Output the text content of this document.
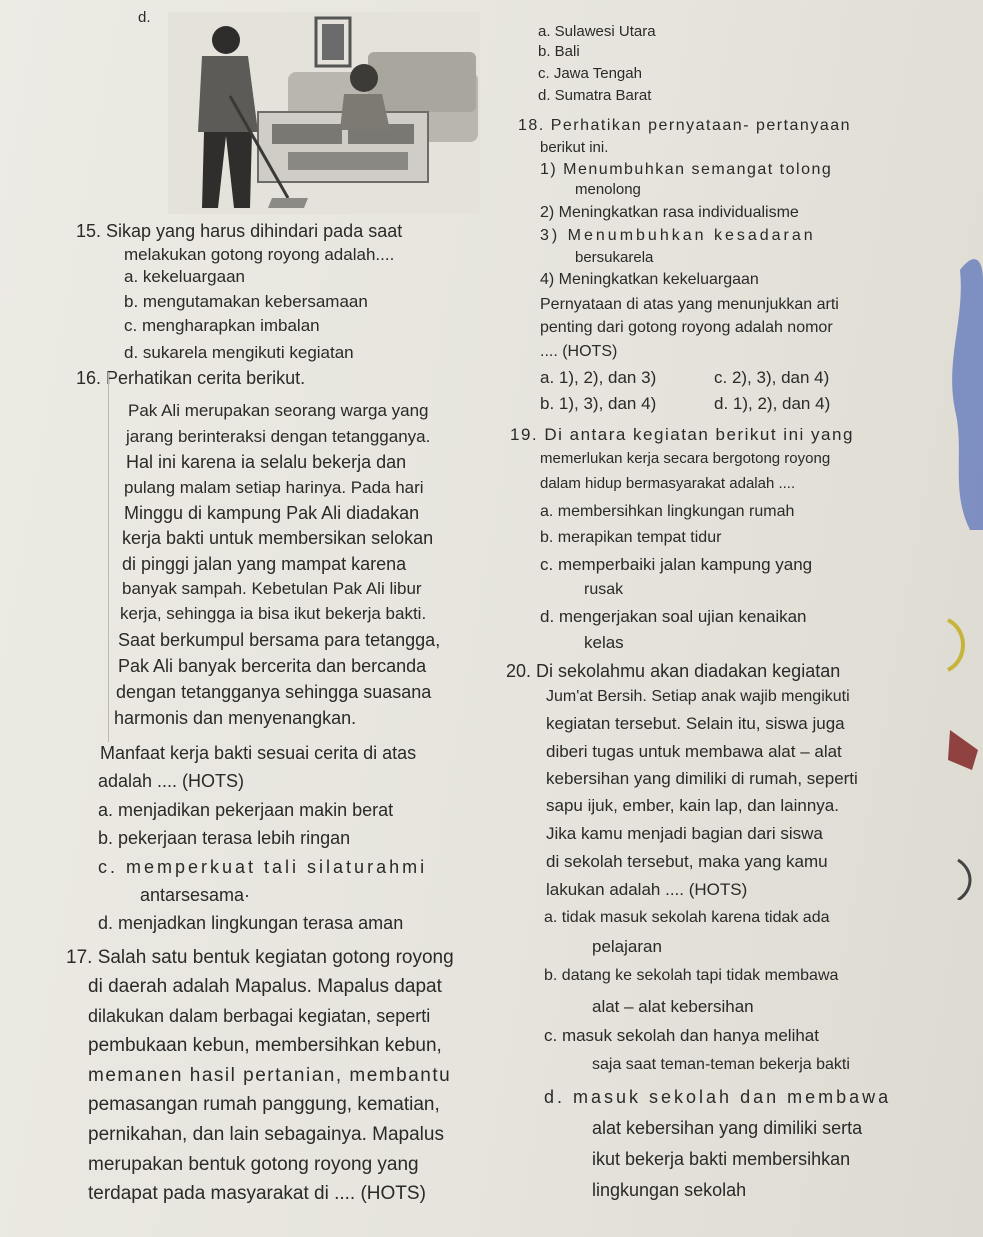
d.
a. Sulawesi Utara
b. Bali
c. Jawa Tengah
d. Sumatra Barat
18. Perhatikan pernyataan- pertanyaan
berikut ini.
1) Menumbuhkan semangat tolong
menolong
2) Meningkatkan rasa individualisme
3) Menumbuhkan kesadaran
bersukarela
4) Meningkatkan kekeluargaan
Pernyataan di atas yang menunjukkan arti
penting dari gotong royong adalah nomor
.... (HOTS)
a. 1), 2), dan 3)	c. 2), 3), dan 4)
b. 1), 3), dan 4)	d. 1), 2), dan 4)
15. Sikap yang harus dihindari pada saat
melakukan gotong royong adalah....
a. kekeluargaan
b. mengutamakan kebersamaan
c. mengharapkan imbalan
d. sukarela mengikuti kegiatan
16. Perhatikan cerita berikut.
Pak Ali merupakan seorang warga yang
jarang berinteraksi dengan tetangganya.
Hal ini karena ia selalu bekerja dan
pulang malam setiap harinya. Pada hari
Minggu di kampung Pak Ali diadakan
kerja bakti untuk membersikan selokan
di pinggi jalan yang mampat karena
banyak sampah. Kebetulan Pak Ali libur
kerja, sehingga ia bisa ikut bekerja bakti.
Saat berkumpul bersama para tetangga,
Pak Ali banyak bercerita dan bercanda
dengan tetangganya sehingga suasana
harmonis dan menyenangkan.
Manfaat kerja bakti sesuai cerita di atas
adalah .... (HOTS)
a. menjadikan pekerjaan makin berat
b. pekerjaan terasa lebih ringan
c. memperkuat tali silaturahmi
antarsesama·
d. menjadkan lingkungan terasa aman
17. Salah satu bentuk kegiatan gotong royong
di daerah adalah Mapalus. Mapalus dapat
dilakukan dalam berbagai kegiatan, seperti
pembukaan kebun, membersihkan kebun,
memanen hasil pertanian, membantu
pemasangan rumah panggung, kematian,
pernikahan, dan lain sebagainya. Mapalus
merupakan bentuk gotong royong yang
terdapat pada masyarakat di .... (HOTS)
19. Di antara kegiatan berikut ini yang
memerlukan kerja secara bergotong royong
dalam hidup bermasyarakat adalah ....
a. membersihkan lingkungan rumah
b. merapikan tempat tidur
c. memperbaiki jalan kampung yang
rusak
d. mengerjakan soal ujian kenaikan
kelas
20. Di sekolahmu akan diadakan kegiatan
Jum'at Bersih. Setiap anak wajib mengikuti
kegiatan tersebut. Selain itu, siswa juga
diberi tugas untuk membawa alat – alat
kebersihan yang dimiliki di rumah, seperti
sapu ijuk, ember, kain lap, dan lainnya.
Jika kamu menjadi bagian dari siswa
di sekolah tersebut, maka yang kamu
lakukan adalah .... (HOTS)
a. tidak masuk sekolah karena tidak ada
pelajaran
b. datang ke sekolah tapi tidak membawa
alat – alat kebersihan
c. masuk sekolah dan hanya melihat
saja saat teman-teman bekerja bakti
d. masuk sekolah dan membawa
alat kebersihan yang dimiliki serta
ikut bekerja bakti membersihkan
lingkungan sekolah
